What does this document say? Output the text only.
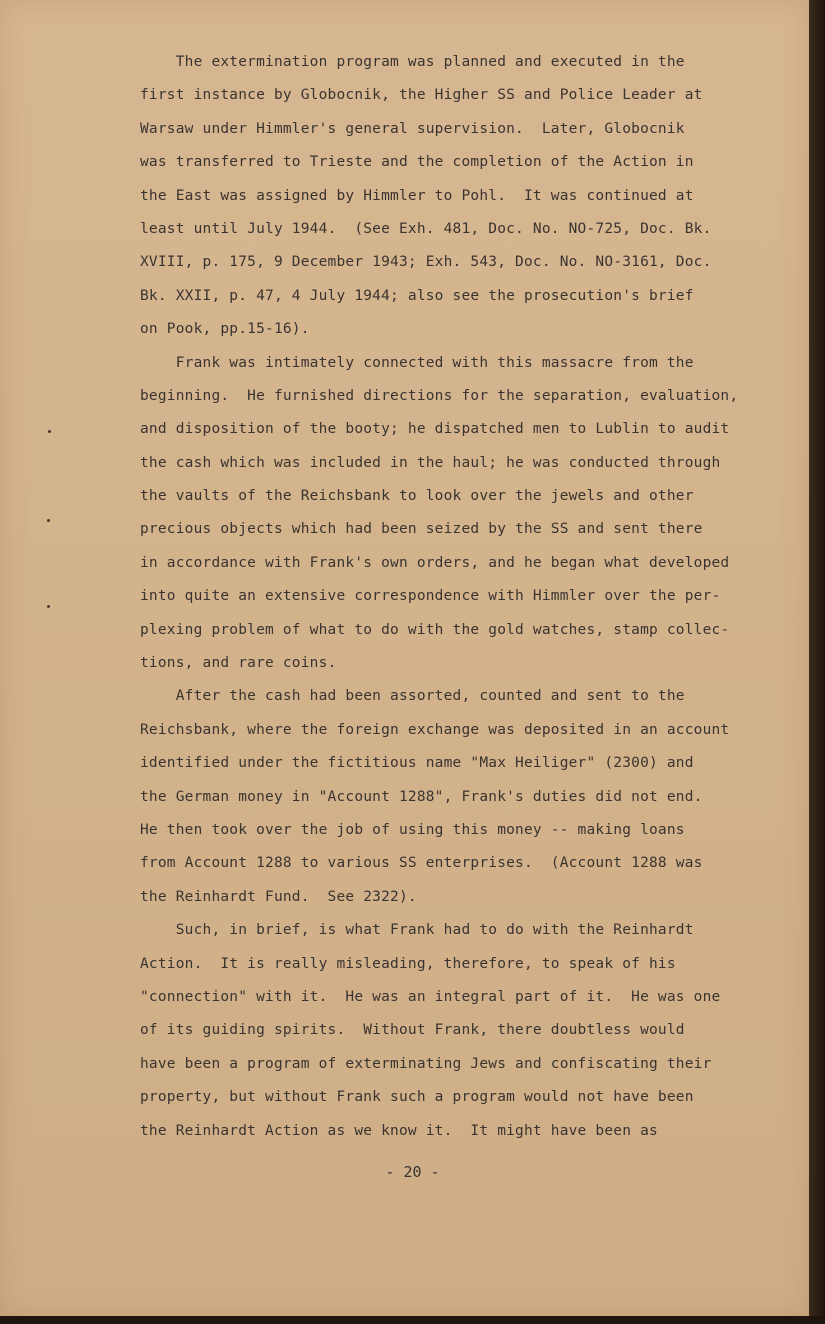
The extermination program was planned and executed in the
first instance by Globocnik, the Higher SS and Police Leader at
Warsaw under Himmler's general supervision.  Later, Globocnik
was transferred to Trieste and the completion of the Action in
the East was assigned by Himmler to Pohl.  It was continued at
least until July 1944.  (See Exh. 481, Doc. No. NO-725, Doc. Bk.
XVIII, p. 175, 9 December 1943; Exh. 543, Doc. No. NO-3161, Doc.
Bk. XXII, p. 47, 4 July 1944; also see the prosecution's brief
on Pook, pp.15-16).
Frank was intimately connected with this massacre from the
beginning.  He furnished directions for the separation, evaluation,
and disposition of the booty; he dispatched men to Lublin to audit
the cash which was included in the haul; he was conducted through
the vaults of the Reichsbank to look over the jewels and other
precious objects which had been seized by the SS and sent there
in accordance with Frank's own orders, and he began what developed
into quite an extensive correspondence with Himmler over the per-
plexing problem of what to do with the gold watches, stamp collec-
tions, and rare coins.
After the cash had been assorted, counted and sent to the
Reichsbank, where the foreign exchange was deposited in an account
identified under the fictitious name "Max Heiliger" (2300) and
the German money in "Account 1288", Frank's duties did not end.
He then took over the job of using this money -- making loans
from Account 1288 to various SS enterprises.  (Account 1288 was
the Reinhardt Fund.  See 2322).
Such, in brief, is what Frank had to do with the Reinhardt
Action.  It is really misleading, therefore, to speak of his
"connection" with it.  He was an integral part of it.  He was one
of its guiding spirits.  Without Frank, there doubtless would
have been a program of exterminating Jews and confiscating their
property, but without Frank such a program would not have been
the Reinhardt Action as we know it.  It might have been as
- 20 -
